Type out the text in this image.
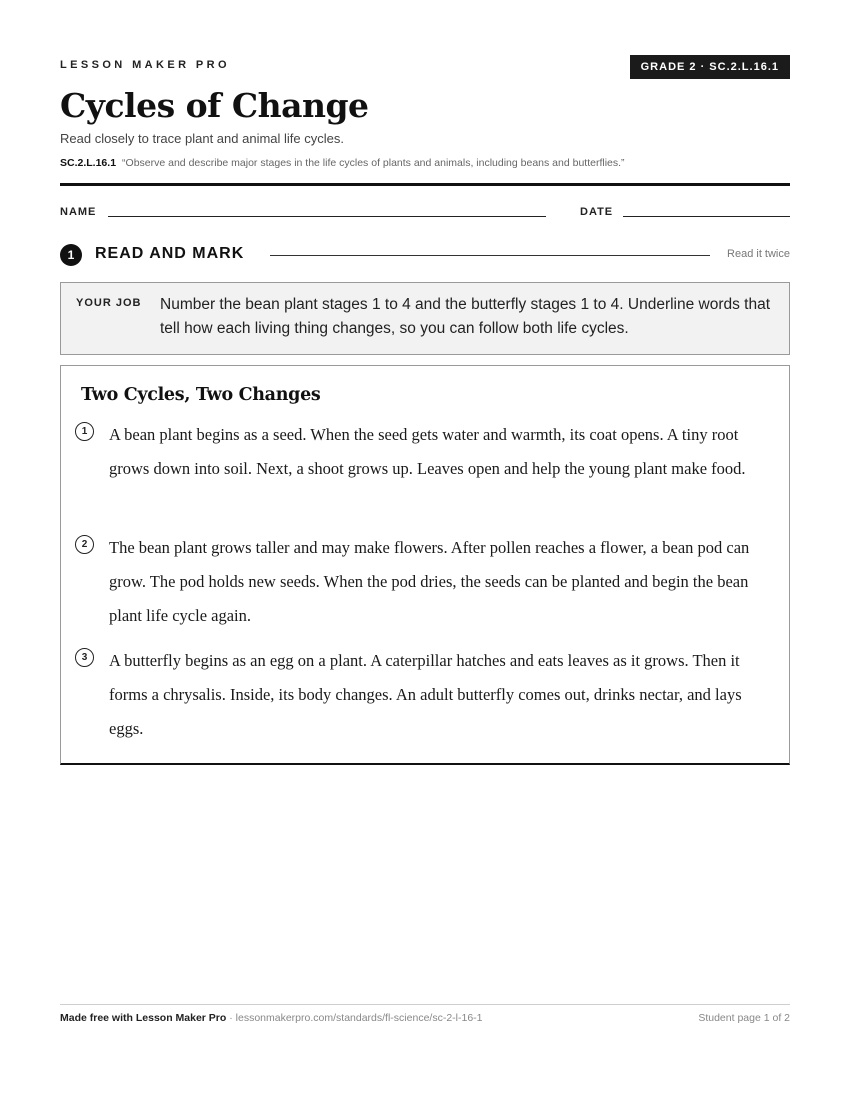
LESSON MAKER PRO	GRADE 2 · SC.2.L.16.1
Cycles of Change
Read closely to trace plant and animal life cycles.
SC.2.L.16.1 “Observe and describe major stages in the life cycles of plants and animals, including beans and butterflies.”
NAME	DATE
1	READ AND MARK	Read it twice
YOUR JOB Number the bean plant stages 1 to 4 and the butterfly stages 1 to 4. Underline words that tell how each living thing changes, so you can follow both life cycles.
Two Cycles, Two Changes
1	A bean plant begins as a seed. When the seed gets water and warmth, its coat opens. A tiny root grows down into soil. Next, a shoot grows up. Leaves open and help the young plant make food.

2	The bean plant grows taller and may make flowers. After pollen reaches a flower, a bean pod can grow. The pod holds new seeds. When the pod dries, the seeds can be planted and begin the bean plant life cycle again.

3	A butterfly begins as an egg on a plant. A caterpillar hatches and eats leaves as it grows. Then it forms a chrysalis. Inside, its body changes. An adult butterfly comes out, drinks nectar, and lays eggs.

Made free with Lesson Maker Pro · lessonmakerpro.com/standards/fl-science/sc-2-l-16-1	Student page 1 of 2
